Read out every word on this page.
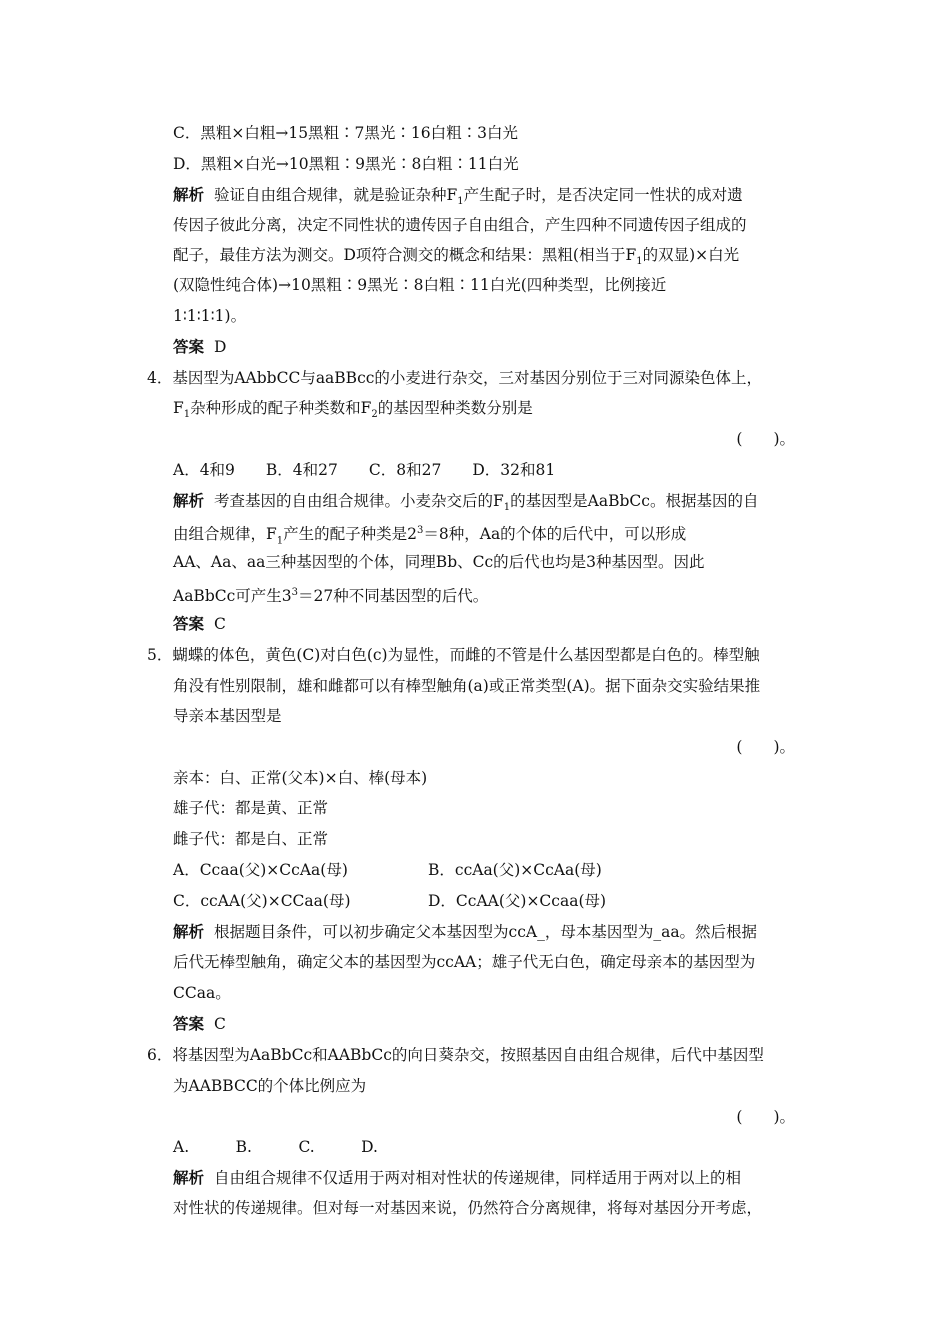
C．黑粗×白粗→15黑粗∶7黑光∶16白粗∶3白光
D．黑粗×白光→10黑粗∶9黑光∶8白粗∶11白光
解析 验证自由组合规律，就是验证杂种$F_1$产生配子时，是否决定同一性状的成对遗
传因子彼此分离，决定不同性状的遗传因子自由组合，产生四种不同遗传因子组成的
配子，最佳方法为测交。D项符合测交的概念和结果：黑粗(相当于$F_1$的双显)×白光
(双隐性纯合体)→10黑粗∶9黑光∶8白粗∶11白光(四种类型，比例接近
1∶1∶1∶1)。
答案 D
4．基因型为AAbbCC与aaBBcc的小麦进行杂交，三对基因分别位于三对同源染色体上，
$F_1$杂种形成的配子种类数和$F_2$的基因型种类数分别是
(　　)。
A．4和9　　B．4和27　　C．8和27　　D．32和81
解析 考查基因的自由组合规律。小麦杂交后的$F_1$的基因型是AaBbCc。根据基因的自
由组合规律，$F_1$产生的配子种类是$2^3=8$种，Aa的个体的后代中，可以形成
AA、Aa、aa三种基因型的个体，同理Bb、Cc的后代也均是3种基因型。因此
AaBbCc可产生$3^3=27$种不同基因型的后代。
答案 C
5．蝴蝶的体色，黄色(C)对白色(c)为显性，而雌的不管是什么基因型都是白色的。棒型触
角没有性别限制，雄和雌都可以有棒型触角(a)或正常类型(A)。据下面杂交实验结果推
导亲本基因型是
(　　)。
亲本：白、正常(父本)×白、棒(母本)
雄子代：都是黄、正常
雌子代：都是白、正常
A．Ccaa(父)×CcAa(母)	B．ccAa(父)×CcAa(母)
C．ccAA(父)×CCaa(母)	D．CcAA(父)×Ccaa(母)
解析 根据题目条件，可以初步确定父本基因型为ccA_，母本基因型为_aa。然后根据
后代无棒型触角，确定父本的基因型为ccAA；雄子代无白色，确定母亲本的基因型为
CCaa。
答案 C
6．将基因型为AaBbCc和AABbCc的向日葵杂交，按照基因自由组合规律，后代中基因型
为AABBCC的个体比例应为
(　　)。
A.　　　B.　　　C.　　　D.
解析 自由组合规律不仅适用于两对相对性状的传递规律，同样适用于两对以上的相
对性状的传递规律。但对每一对基因来说，仍然符合分离规律，将每对基因分开考虑，
